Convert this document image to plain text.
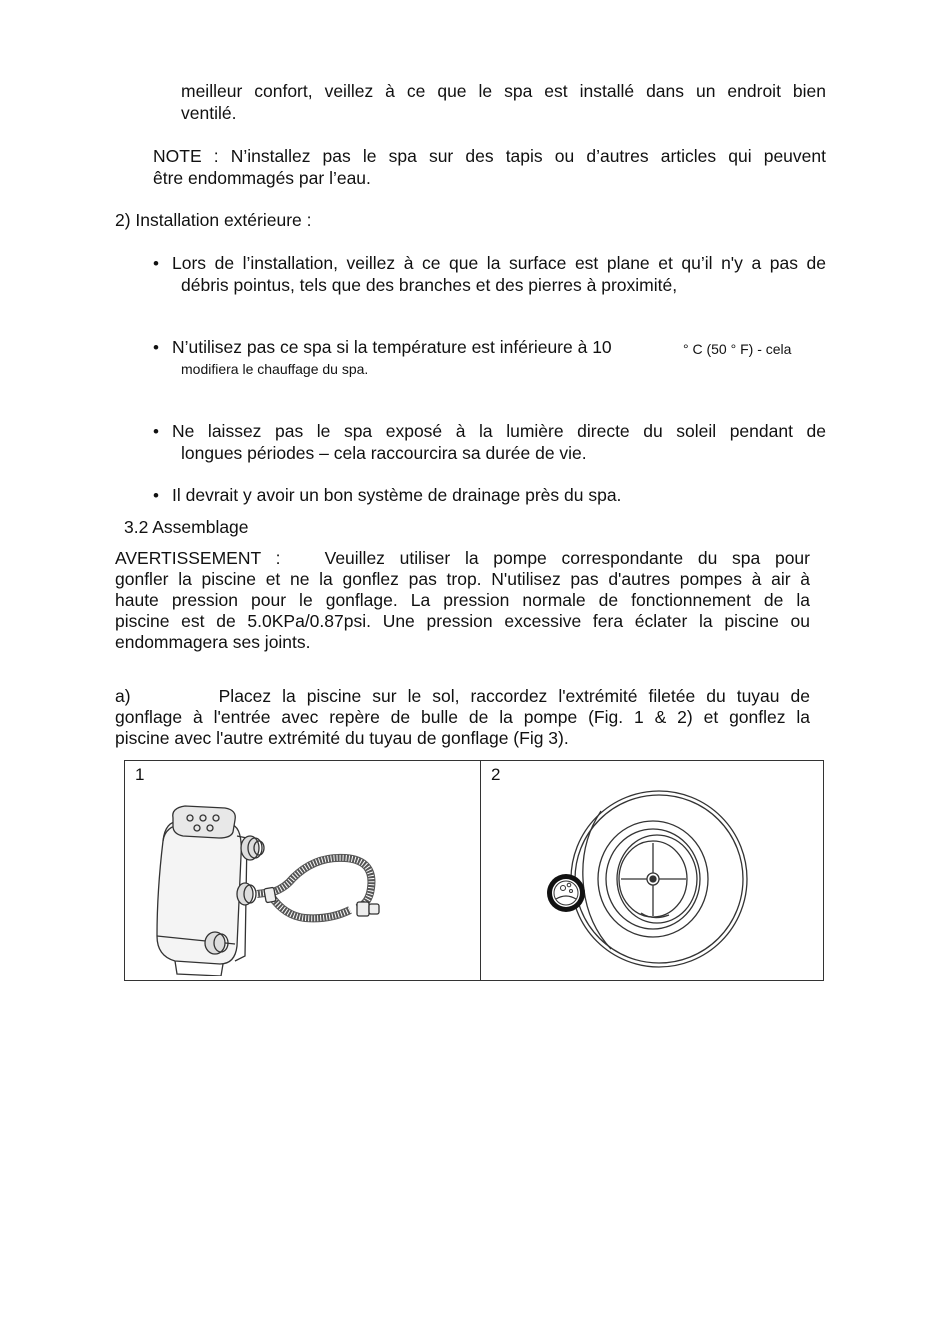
meilleur confort, veillez à ce que le spa est installé dans un endroit bien
ventilé.
NOTE : N’installez pas le spa sur des tapis ou d’autres articles qui peuvent
être endommagés par l’eau.
2) Installation extérieure :
• Lors de l’installation, veillez à ce que la surface est plane et qu’il n'y a pas de
débris pointus, tels que des branches et des pierres à proximité,
• N’utilisez pas ce spa si la température est inférieure à 10	° C (50 ° F) - cela
modifiera le chauffage du spa.
• Ne laissez pas le spa exposé à la lumière directe du soleil pendant de
longues périodes – cela raccourcira sa durée de vie.
• Il devrait y avoir un bon système de drainage près du spa.
3.2 Assemblage
AVERTISSEMENT :   Veuillez utiliser la pompe correspondante du spa pour
gonfler la piscine et ne la gonflez pas trop. N'utilisez pas d'autres pompes à air à
haute pression pour le gonflage. La pression normale de fonctionnement de la
piscine est de 5.0KPa/0.87psi. Une pression excessive fera éclater la piscine ou
endommagera ses joints.
a)        Placez la piscine sur le sol, raccordez l'extrémité filetée du tuyau de
gonflage à l'entrée avec repère de bulle de la pompe (Fig. 1 & 2) et gonflez la
piscine avec l'autre extrémité du tuyau de gonflage (Fig 3).
1	2
